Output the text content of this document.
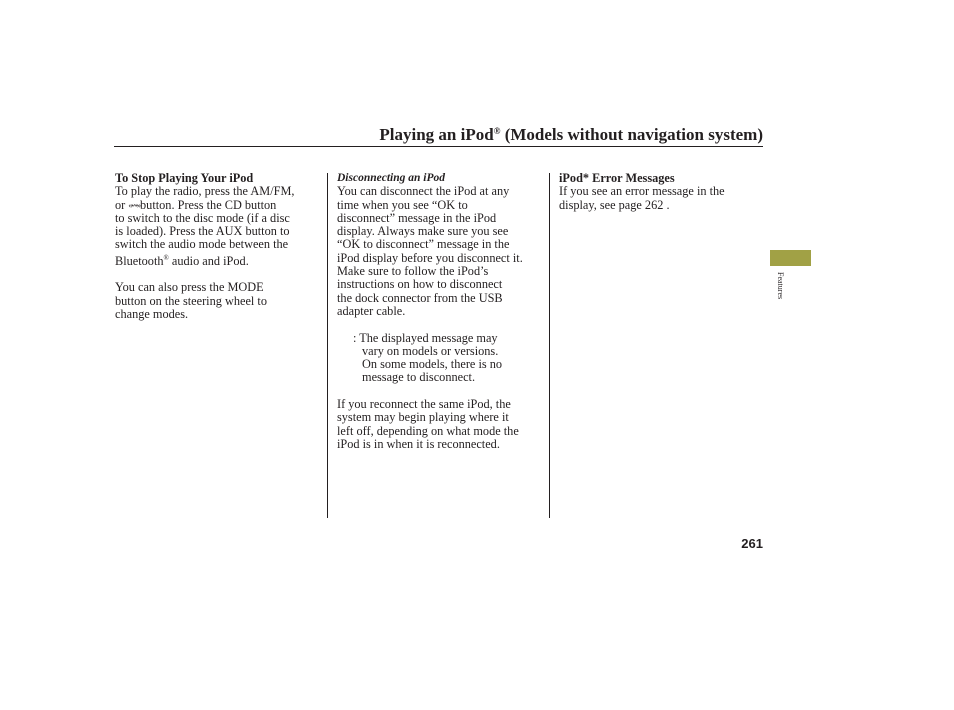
Playing an iPod® (Models without navigation system)

To Stop Playing Your iPod

To play the radio, press the AM/FM,

or «↭»button. Press the CD button

to switch to the disc mode (if a disc

is loaded). Press the AUX button to

switch the audio mode between the

Bluetooth® audio and iPod.

You can also press the MODE

button on the steering wheel to

change modes.

Disconnecting an iPod

You can disconnect the iPod at any

time when you see “OK to

disconnect” message in the iPod

display. Always make sure you see

“OK to disconnect” message in the

iPod display before you disconnect it.

Make sure to follow the iPod’s

instructions on how to disconnect

the dock connector from the USB

adapter cable.

: The displayed message may

vary on models or versions.

On some models, there is no

message to disconnect.

If you reconnect the same iPod, the

system may begin playing where it

left off, depending on what mode the

iPod is in when it is reconnected.

iPod* Error Messages

If you see an error message in the

display, see page 262 .

Features
261
